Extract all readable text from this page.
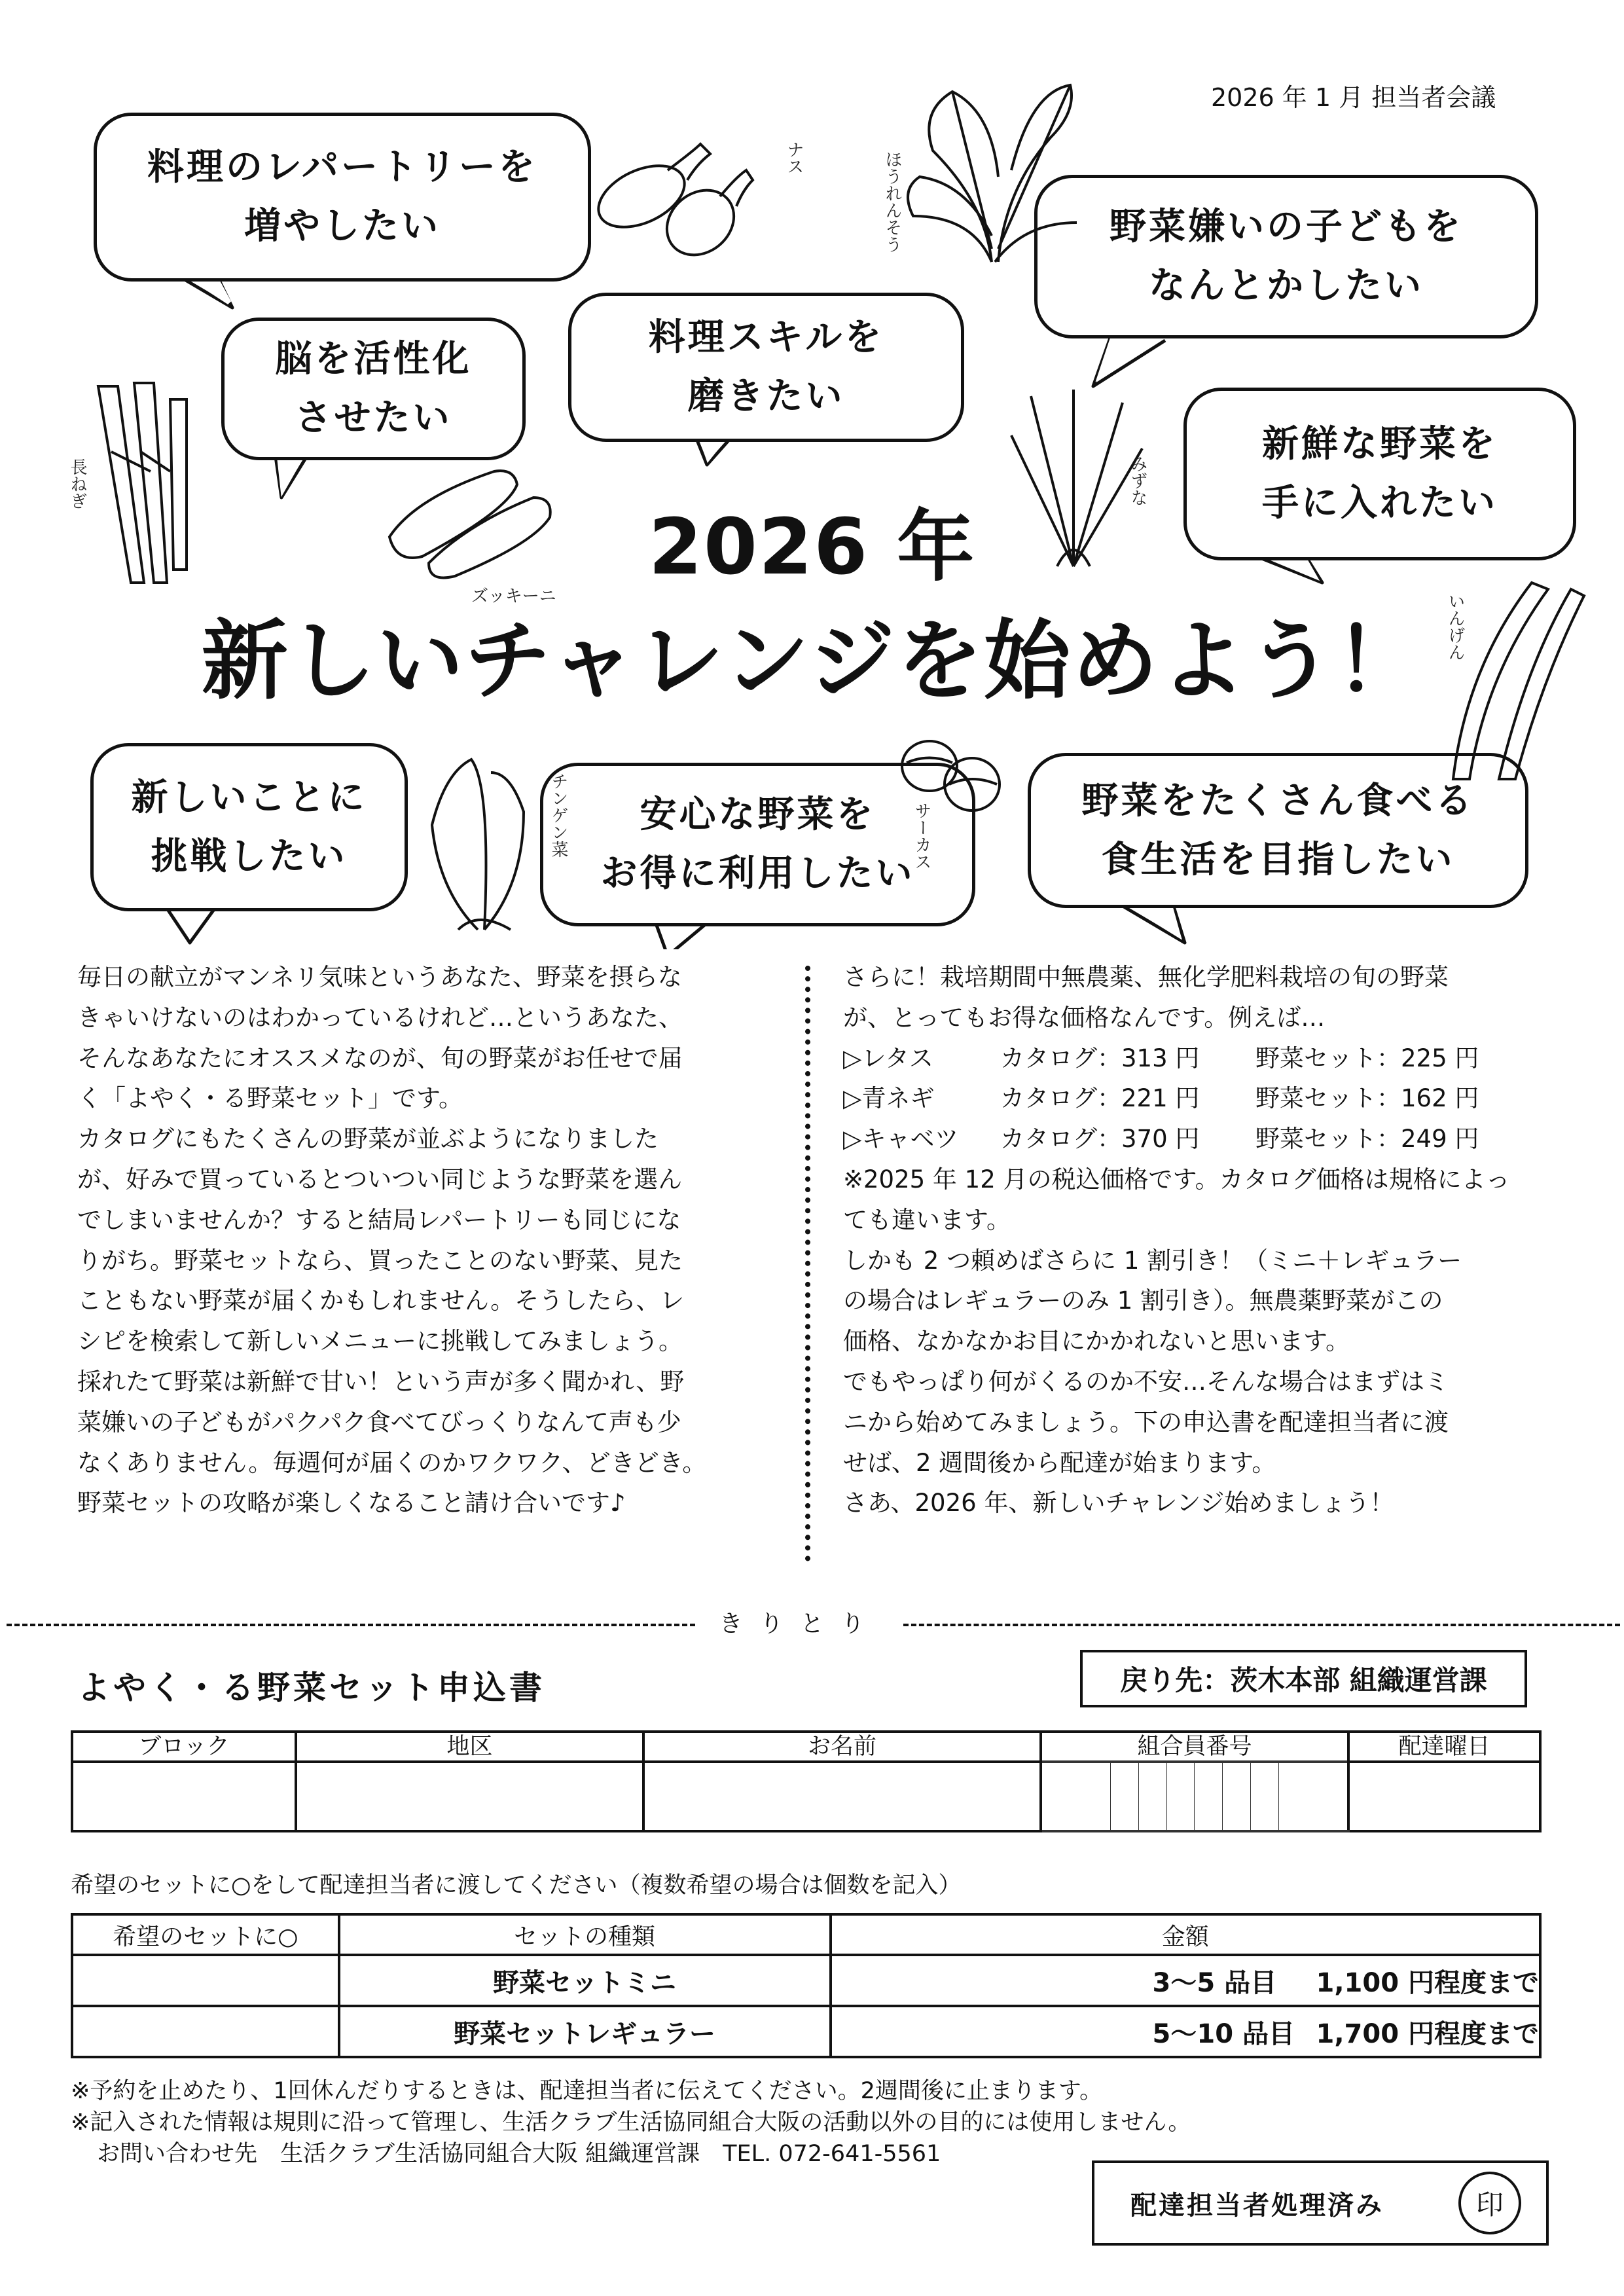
2026 年 1 月 担当者会議
料理のレパートリーを
増やしたい	野菜嫌いの子どもを
なんとかしたい
脳を活性化
させたい
料理スキルを
磨きたい
新鮮な野菜を
手に入れたい
新しいことに
挑戦したい
安心な野菜を
お得に利用したい
野菜をたくさん食べる
食生活を目指したい
ナス	ほうれんそう
長ねぎ
ズッキーニ
みずな
いんげん
チンゲン菜	サーカス
2026 年
新しいチャレンジを始めよう！

毎日の献立がマンネリ気味というあなた、野菜を摂らな

きゃいけないのはわかっているけれど…というあなた、

そんなあなたにオススメなのが、旬の野菜がお任せで届

く「よやく・る野菜セット」です。

カタログにもたくさんの野菜が並ぶようになりました

が、好みで買っているとついつい同じような野菜を選ん

でしまいませんか？すると結局レパートリーも同じにな

りがち。野菜セットなら、買ったことのない野菜、見た

こともない野菜が届くかもしれません。そうしたら、レ

シピを検索して新しいメニューに挑戦してみましょう。

採れたて野菜は新鮮で甘い！という声が多く聞かれ、野

菜嫌いの子どもがパクパク食べてびっくりなんて声も少

なくありません。毎週何が届くのかワクワク、どきどき。

野菜セットの攻略が楽しくなること請け合いです♪

さらに！栽培期間中無農薬、無化学肥料栽培の旬の野菜

が、とってもお得な価格なんです。例えば…

▷レタス	カタログ：313 円	野菜セット：225 円
▷青ネギ	カタログ：221 円	野菜セット：162 円
▷キャベツ	カタログ：370 円	野菜セット：249 円

※2025 年 12 月の税込価格です。カタログ価格は規格によっ

ても違います。

しかも 2 つ頼めばさらに 1 割引き！（ミニ＋レギュラー

の場合はレギュラーのみ 1 割引き）。無農薬野菜がこの

価格、なかなかお目にかかれないと思います。

でもやっぱり何がくるのか不安…そんな場合はまずはミ

ニから始めてみましょう。下の申込書を配達担当者に渡

せば、2 週間後から配達が始まります。

さあ、2026 年、新しいチャレンジ始めましょう！

きりとり
よやく・る野菜セット申込書	戻り先：茨木本部 組織運営課
ブロック	地区	お名前	組合員番号								配達曜日

希望のセットに○をして配達担当者に渡してください（複数希望の場合は個数を記入）
希望のセットに○	セットの種類	金額
	野菜セットミニ	3〜5 品目 1,100 円程度まで
	野菜セットレギュラー	5〜10 品目 1,700 円程度まで
※予約を止めたり、1回休んだりするときは、配達担当者に伝えてください。2週間後に止まります。
※記入された情報は規則に沿って管理し、生活クラブ生活協同組合大阪の活動以外の目的には使用しません。
お問い合わせ先　生活クラブ生活協同組合大阪 組織運営課　TEL. 072-641-5561
配達担当者処理済み	印
